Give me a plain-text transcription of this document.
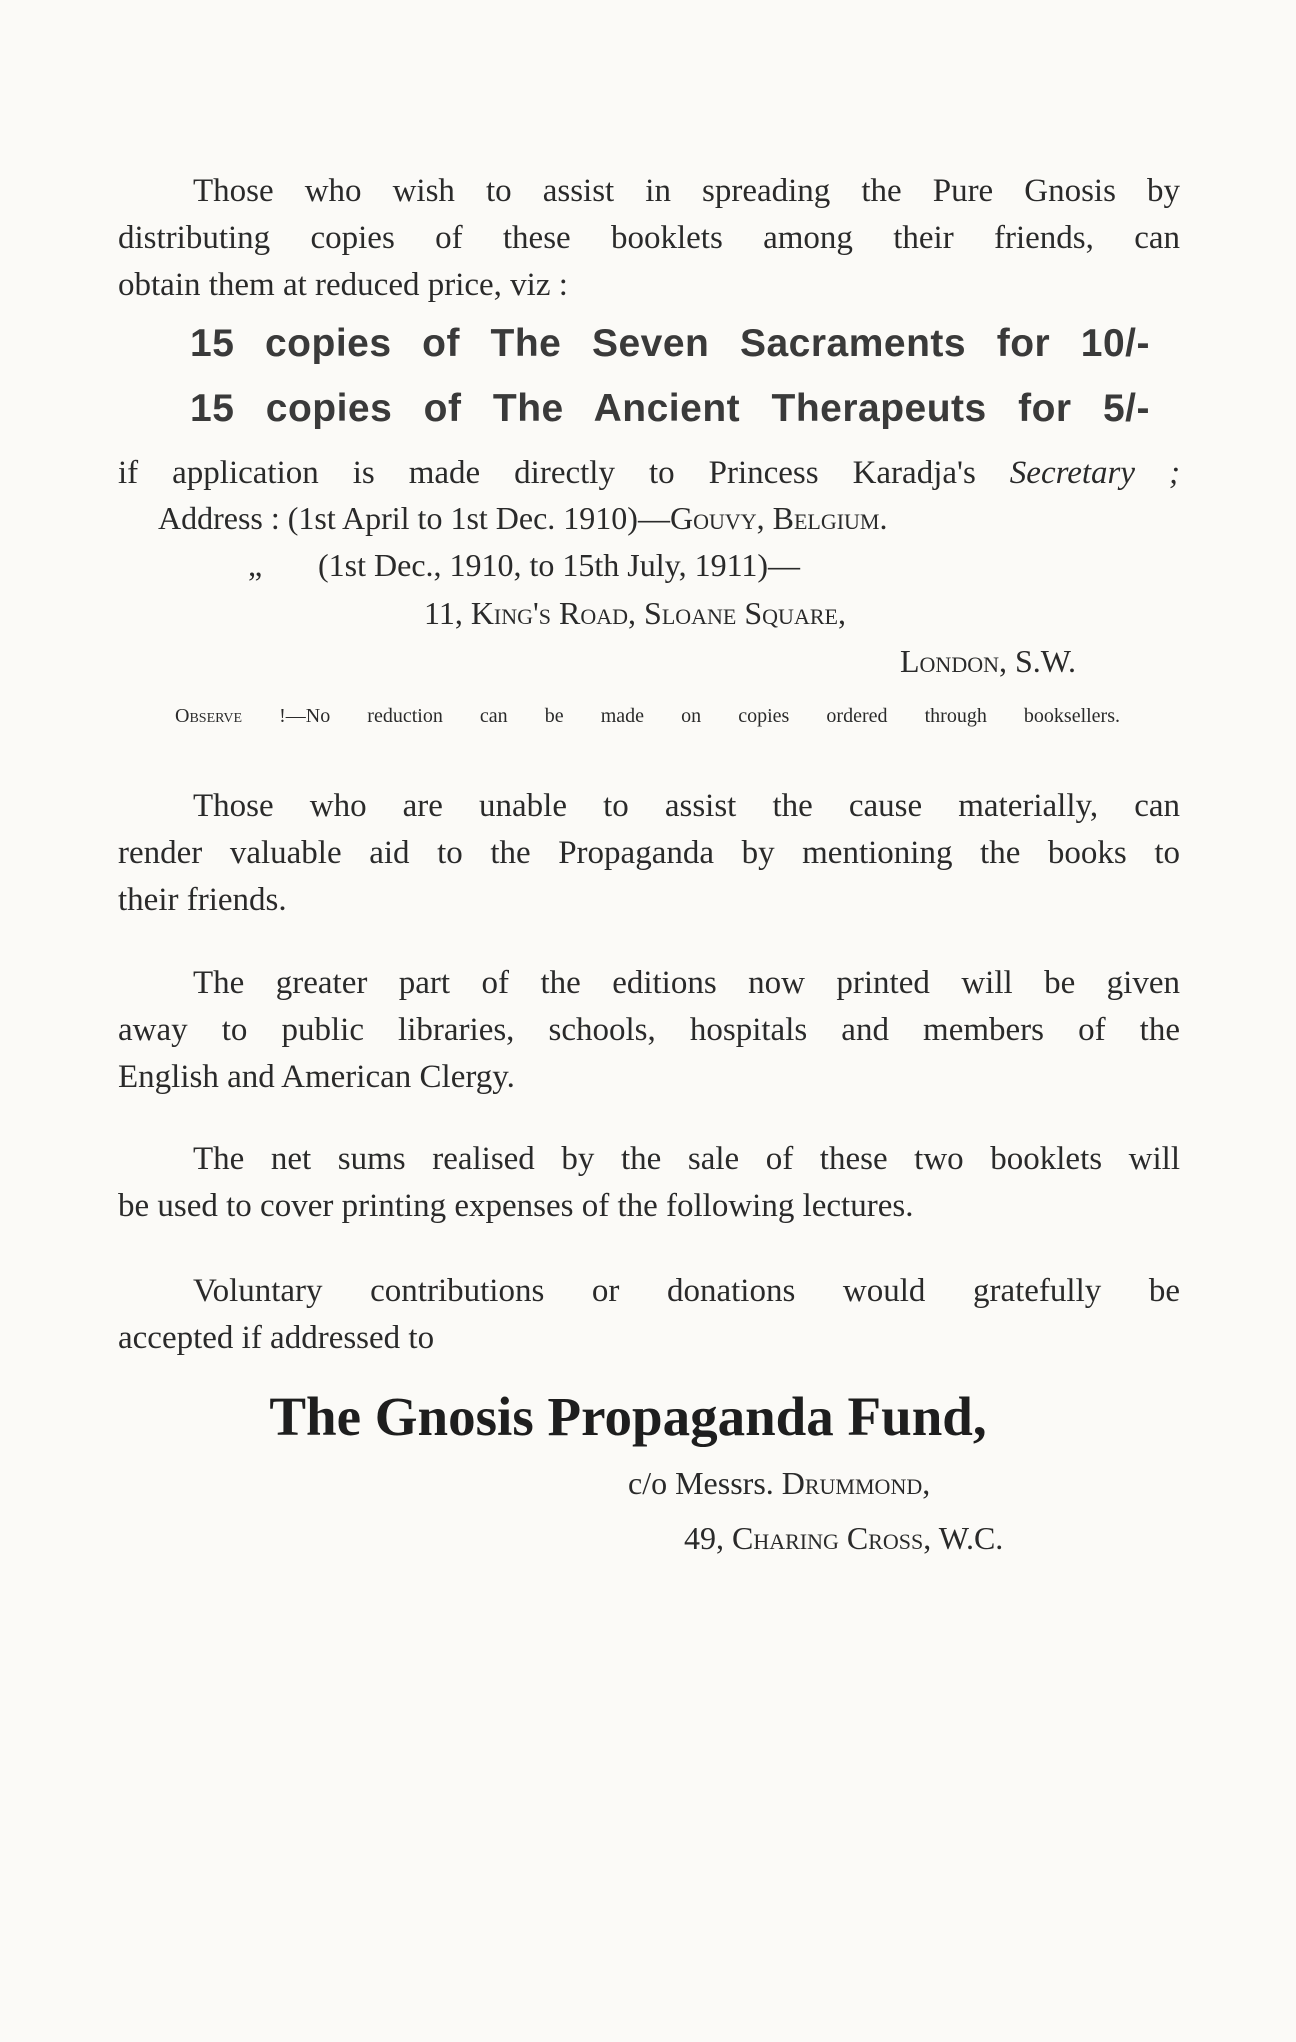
Those who wish to assist in spreading the Pure Gnosis by
distributing copies of these booklets among their friends, can
obtain them at reduced price, viz :
15 copies of The Seven Sacraments for 10/-
15 copies of The Ancient Therapeuts for 5/-
if application is made directly to Princess Karadja's Secretary ;
Address : (1st April to 1st Dec. 1910)—Gouvy, Belgium.
„ (1st Dec., 1910, to 15th July, 1911)—
11, King's Road, Sloane Square,
London, S.W.
Observe !—No reduction can be made on copies ordered through booksellers.
Those who are unable to assist the cause materially, can
render valuable aid to the Propaganda by mentioning the books to
their friends.
The greater part of the editions now printed will be given
away to public libraries, schools, hospitals and members of the
English and American Clergy.
The net sums realised by the sale of these two booklets will
be used to cover printing expenses of the following lectures.
Voluntary contributions or donations would gratefully be
accepted if addressed to
The Gnosis Propaganda Fund,
c/o Messrs. Drummond,
49, Charing Cross, W.C.
